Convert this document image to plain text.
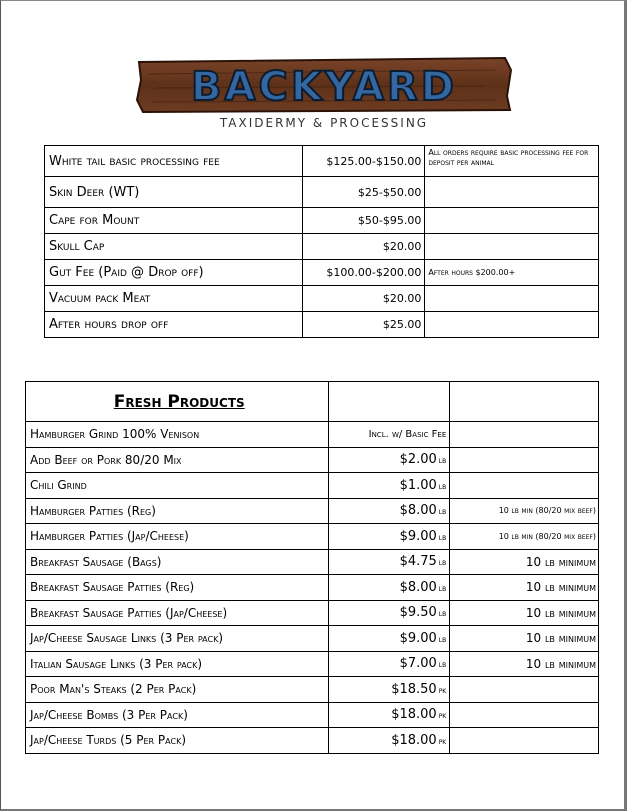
BACKYARD
TAXIDERMY & PROCESSING
White tail basic processing fee	$125.00-$150.00	All orders require basic processing fee for deposit per animal

Skin Deer (WT)	$25-$50.00	
Cape for Mount	$50-$95.00	
Skull Cap	$20.00	
Gut Fee (Paid @ Drop off)	$100.00-$200.00	After hours $200.00+
Vacuum pack Meat	$20.00	
After hours drop off	$25.00	
Fresh Products		

Hamburger Grind 100% Venison	Incl. w/ Basic Fee	
Add Beef or Pork 80/20 Mix	$2.00 lb	
Chili Grind	$1.00 lb	
Hamburger Patties (Reg)	$8.00 lb	10 lb min (80/20 mix beef)
Hamburger Patties (Jap/Cheese)	$9.00 lb	10 lb min (80/20 mix beef)
Breakfast Sausage (Bags)	$4.75 lb	10 lb minimum
Breakfast Sausage Patties (Reg)	$8.00 lb	10 lb minimum
Breakfast Sausage Patties (Jap/Cheese)	$9.50 lb	10 lb minimum
Jap/Cheese Sausage Links (3 Per pack)	$9.00 lb	10 lb minimum
Italian Sausage Links (3 Per pack)	$7.00 lb	10 lb minimum
Poor Man's Steaks (2 Per Pack)	$18.50 pk	
Jap/Cheese Bombs (3 Per Pack)	$18.00 pk	
Jap/Cheese Turds (5 Per Pack)	$18.00 pk	
